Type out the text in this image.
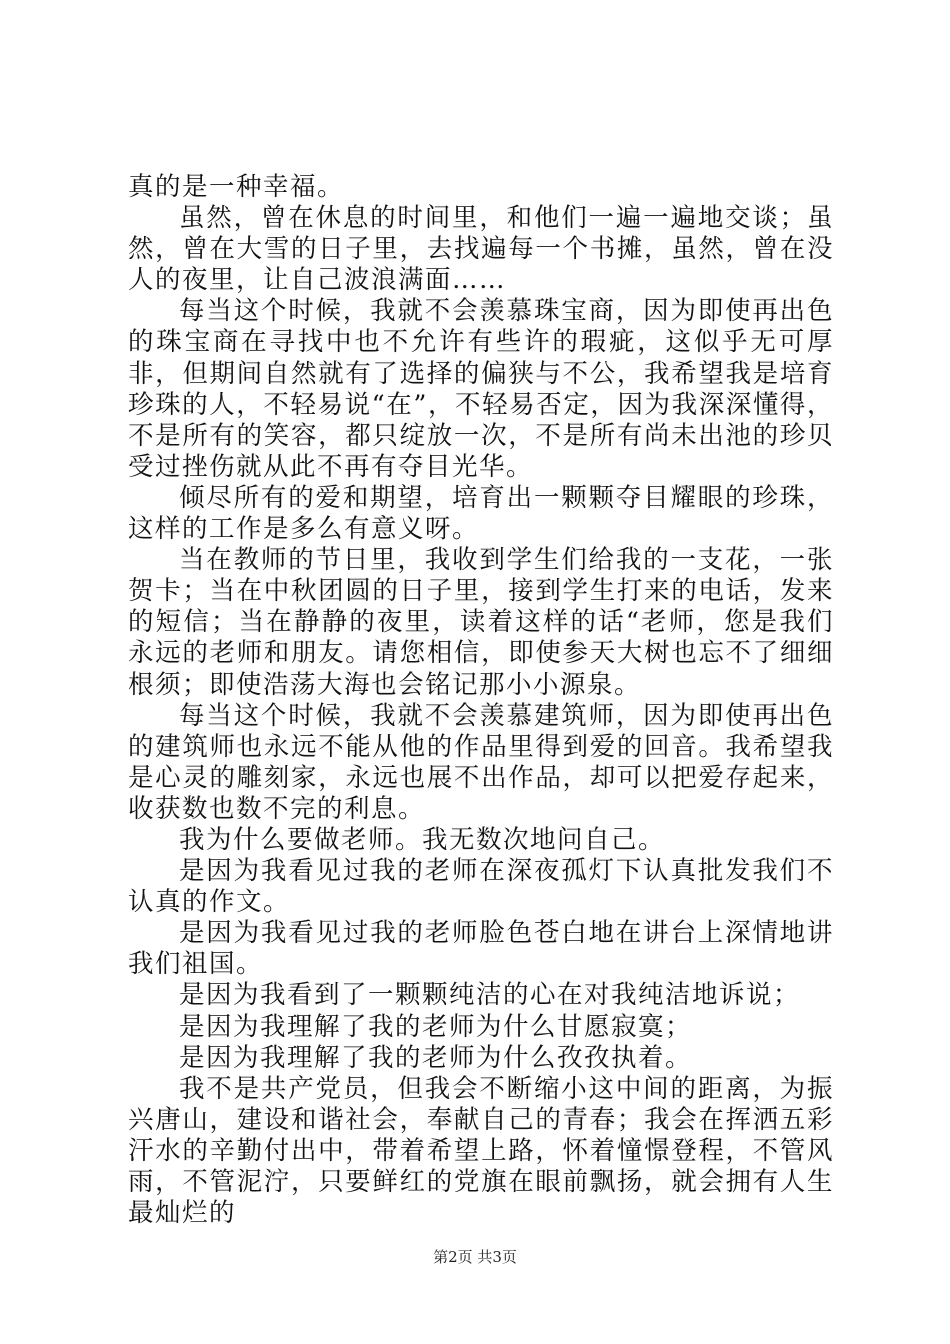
真的是一种幸福。

虽然，曾在休息的时间里，和他们一遍一遍地交谈；虽然，曾在大雪的日子里，去找遍每一个书摊，虽然，曾在没人的夜里，让自己波浪满面……

每当这个时候，我就不会羡慕珠宝商，因为即使再出色的珠宝商在寻找中也不允许有些许的瑕疵，这似乎无可厚非，但期间自然就有了选择的偏狭与不公，我希望我是培育珍珠的人，不轻易说“在”，不轻易否定，因为我深深懂得，不是所有的笑容，都只绽放一次，不是所有尚未出池的珍贝受过挫伤就从此不再有夺目光华。

倾尽所有的爱和期望，培育出一颗颗夺目耀眼的珍珠，这样的工作是多么有意义呀。

当在教师的节日里，我收到学生们给我的一支花，一张贺卡；当在中秋团圆的日子里，接到学生打来的电话，发来的短信；当在静静的夜里，读着这样的话“老师，您是我们永远的老师和朋友。请您相信，即使参天大树也忘不了细细根须；即使浩荡大海也会铭记那小小源泉。

每当这个时候，我就不会羡慕建筑师，因为即使再出色的建筑师也永远不能从他的作品里得到爱的回音。我希望我是心灵的雕刻家，永远也展不出作品，却可以把爱存起来，收获数也数不完的利息。

我为什么要做老师。我无数次地问自己。

是因为我看见过我的老师在深夜孤灯下认真批发我们不认真的作文。

是因为我看见过我的老师脸色苍白地在讲台上深情地讲我们祖国。

是因为我看到了一颗颗纯洁的心在对我纯洁地诉说；

是因为我理解了我的老师为什么甘愿寂寞；

是因为我理解了我的老师为什么孜孜执着。

我不是共产党员，但我会不断缩小这中间的距离，为振兴唐山，建设和谐社会，奉献自己的青春；我会在挥洒五彩汗水的辛勤付出中，带着希望上路，怀着憧憬登程，不管风雨，不管泥泞，只要鲜红的党旗在眼前飘扬，就会拥有人生最灿烂的

第2页 共3页
